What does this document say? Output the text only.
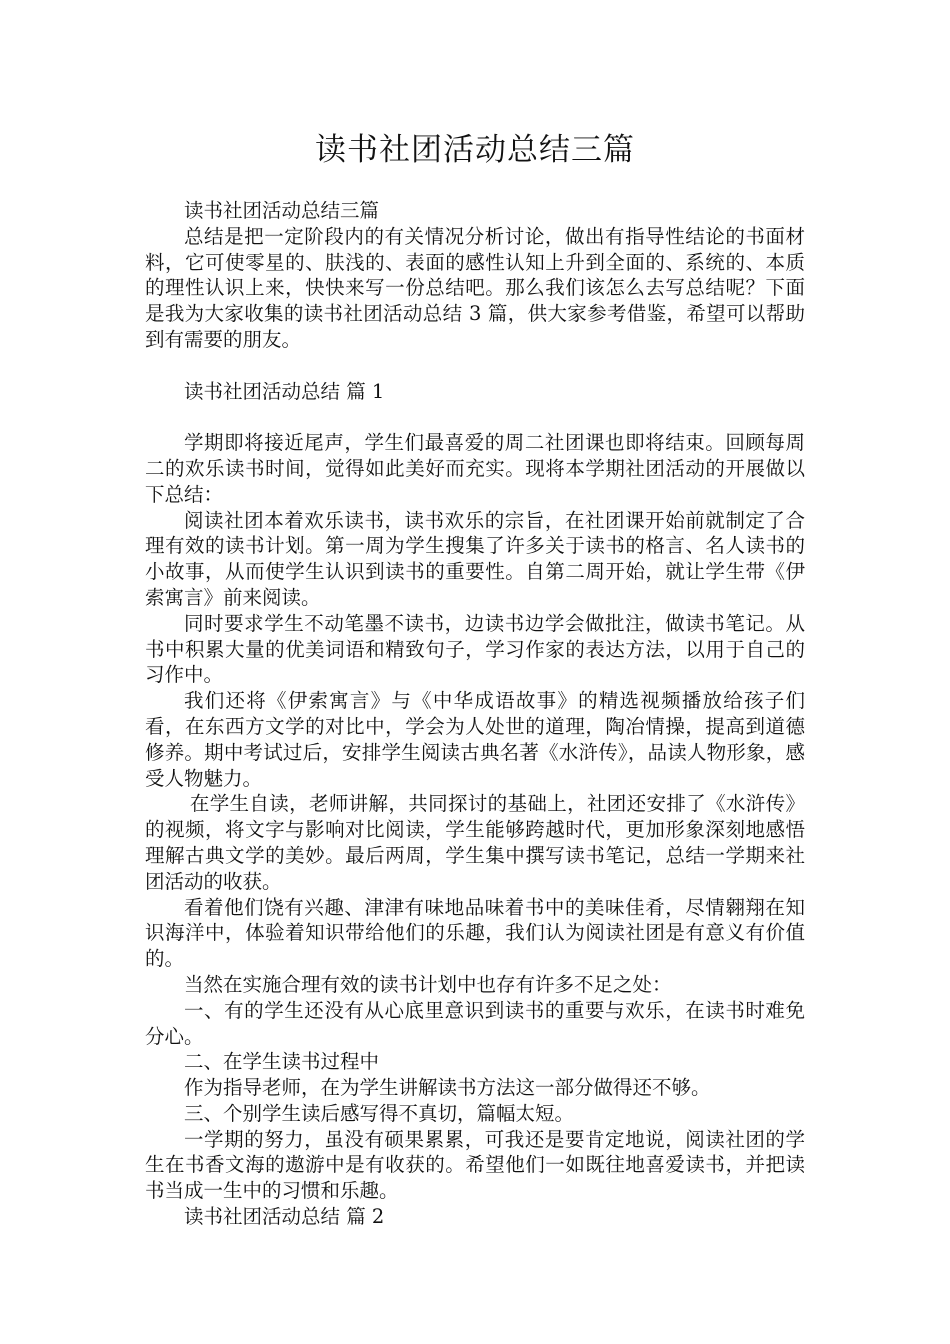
读书社团活动总结三篇

读书社团活动总结三篇

总结是把一定阶段内的有关情况分析讨论，做出有指导性结论的书面材料，它可使零星的、肤浅的、表面的感性认知上升到全面的、系统的、本质的理性认识上来，快快来写一份总结吧。那么我们该怎么去写总结呢？下面是我为大家收集的读书社团活动总结 3 篇，供大家参考借鉴，希望可以帮助到有需要的朋友。

读书社团活动总结 篇 1

学期即将接近尾声，学生们最喜爱的周二社团课也即将结束。回顾每周二的欢乐读书时间，觉得如此美好而充实。现将本学期社团活动的开展做以下总结：

阅读社团本着欢乐读书，读书欢乐的宗旨，在社团课开始前就制定了合理有效的读书计划。第一周为学生搜集了许多关于读书的格言、名人读书的小故事，从而使学生认识到读书的重要性。自第二周开始，就让学生带《伊索寓言》前来阅读。

同时要求学生不动笔墨不读书，边读书边学会做批注，做读书笔记。从书中积累大量的优美词语和精致句子，学习作家的表达方法，以用于自己的习作中。

我们还将《伊索寓言》与《中华成语故事》的精选视频播放给孩子们看，在东西方文学的对比中，学会为人处世的道理，陶冶情操，提高到道德修养。期中考试过后，安排学生阅读古典名著《水浒传》，品读人物形象，感受人物魅力。

在学生自读，老师讲解，共同探讨的基础上，社团还安排了《水浒传》的视频，将文字与影响对比阅读，学生能够跨越时代，更加形象深刻地感悟理解古典文学的美妙。最后两周，学生集中撰写读书笔记，总结一学期来社团活动的收获。

看着他们饶有兴趣、津津有味地品味着书中的美味佳肴，尽情翱翔在知识海洋中，体验着知识带给他们的乐趣，我们认为阅读社团是有意义有价值的。

当然在实施合理有效的读书计划中也存有许多不足之处：

一、有的学生还没有从心底里意识到读书的重要与欢乐，在读书时难免分心。

二、在学生读书过程中

作为指导老师，在为学生讲解读书方法这一部分做得还不够。

三、个别学生读后感写得不真切，篇幅太短。

一学期的努力，虽没有硕果累累，可我还是要肯定地说，阅读社团的学生在书香文海的遨游中是有收获的。希望他们一如既往地喜爱读书，并把读书当成一生中的习惯和乐趣。

读书社团活动总结 篇 2
